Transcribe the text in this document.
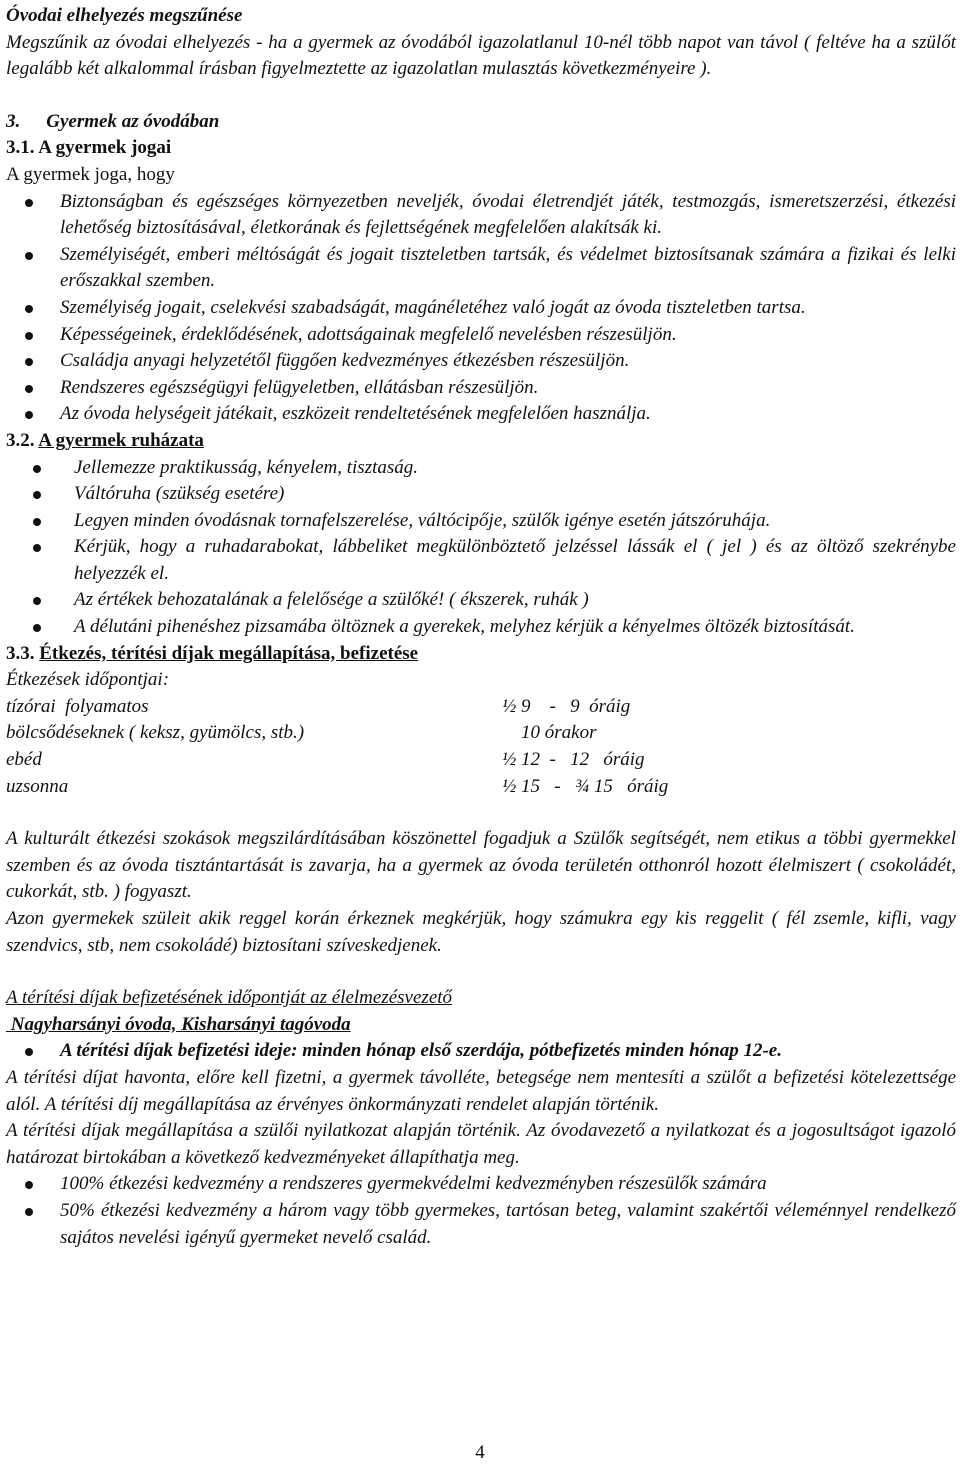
Óvodai elhelyezés megszűnése

Megszűnik az óvodai elhelyezés - ha a gyermek az óvodából igazolatlanul 10-nél több napot van távol ( feltéve ha a szülőt legalább két alkalommal írásban figyelmeztette az igazolatlan mulasztás következményeire ).

3. Gyermek az óvodában

3.1. A gyermek jogai

A gyermek joga, hogy

Biztonságban és egészséges környezetben neveljék, óvodai életrendjét játék, testmozgás, ismeretszerzési, étkezési lehetőség biztosításával, életkorának és fejlettségének megfelelően alakítsák ki.
Személyiségét, emberi méltóságát és jogait tiszteletben tartsák, és védelmet biztosítsanak számára a fizikai és lelki erőszakkal szemben.
Személyiség jogait, cselekvési szabadságát, magánéletéhez való jogát az óvoda tiszteletben tartsa.
Képességeinek, érdeklődésének, adottságainak megfelelő nevelésben részesüljön.
Családja anyagi helyzetétől függően kedvezményes étkezésben részesüljön.
Rendszeres egészségügyi felügyeletben, ellátásban részesüljön.
Az óvoda helységeit játékait, eszközeit rendeltetésének megfelelően használja.

3.2. A gyermek ruházata

Jellemezze praktikusság, kényelem, tisztaság.
Váltóruha (szükség esetére)
Legyen minden óvodásnak tornafelszerelése, váltócipője, szülők igénye esetén játszóruhája.
Kérjük, hogy a ruhadarabokat, lábbeliket megkülönböztető jelzéssel lássák el ( jel ) és az öltöző szekrénybe helyezzék el.
Az értékek behozatalának a felelősége a szülőké! ( ékszerek, ruhák )
A délutáni pihenéshez pizsamába öltöznek a gyerekek, melyhez kérjük a kényelmes öltözék biztosítását.

3.3. Étkezés, térítési díjak megállapítása, befizetése

Étkezések időpontjai:

tízórai  folyamatos	½ 9    -   9  óráig
bölcsődéseknek ( keksz, gyümölcs, stb.)	10 órakor
ebéd	½ 12  -   12   óráig
uzsonna	½ 15   -   ¾ 15   óráig

A kulturált étkezési szokások megszilárdításában köszönettel fogadjuk a Szülők segítségét, nem etikus a többi gyermekkel szemben és az óvoda tisztántartását is zavarja, ha a gyermek az óvoda területén otthonról hozott élelmiszert ( csokoládét, cukorkát, stb. ) fogyaszt.

Azon gyermekek szüleit akik reggel korán érkeznek megkérjük, hogy számukra egy kis reggelit ( fél zsemle, kifli, vagy szendvics, stb, nem csokoládé) biztosítani szíveskedjenek.

A térítési díjak befizetésének időpontját az élelmezésvezető

Nagyharsányi óvoda, Kisharsányi tagóvoda

A térítési díjak befizetési ideje: minden hónap első szerdája, pótbefizetés minden hónap 12-e.

A térítési díjat havonta, előre kell fizetni, a gyermek távolléte, betegsége nem mentesíti a szülőt a befizetési kötelezettsége alól. A térítési díj megállapítása az érvényes önkormányzati rendelet alapján történik.

A térítési díjak megállapítása a szülői nyilatkozat alapján történik. Az óvodavezető a nyilatkozat és a jogosultságot igazoló határozat birtokában a következő kedvezményeket állapíthatja meg.

100% étkezési kedvezmény a rendszeres gyermekvédelmi kedvezményben részesülők számára
50% étkezési kedvezmény a három vagy több gyermekes, tartósan beteg, valamint szakértői véleménnyel rendelkező sajátos nevelési igényű gyermeket nevelő család.
4
